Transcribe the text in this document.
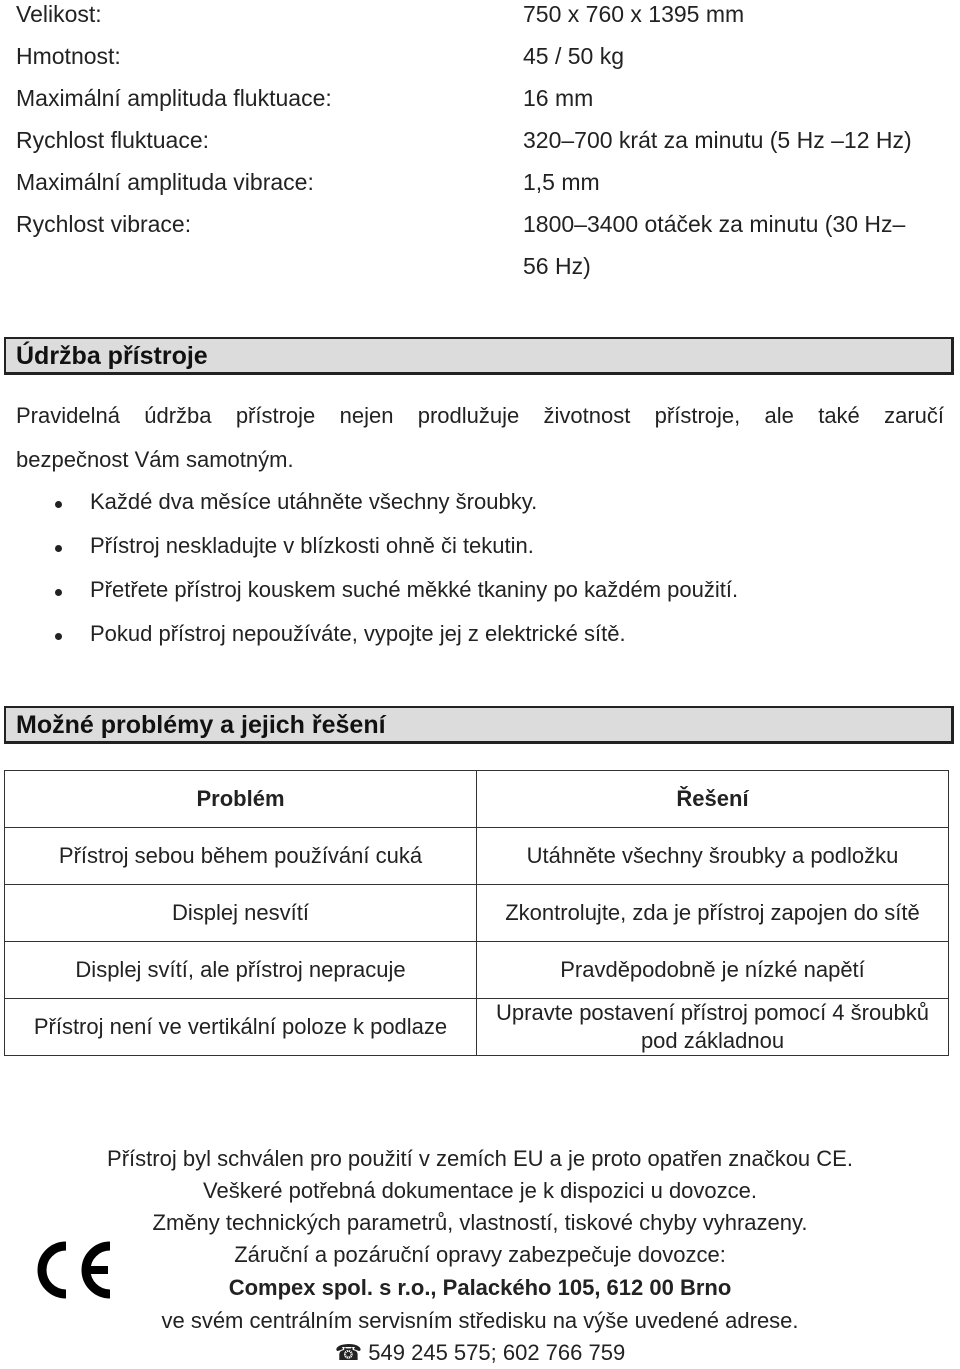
Velikost:	750 x 760 x 1395 mm
Hmotnost:	45 / 50 kg
Maximální amplituda fluktuace:	16 mm
Rychlost fluktuace:	320–700 krát za minutu (5 Hz –12 Hz)
Maximální amplituda vibrace:	1,5 mm
Rychlost vibrace:	1800–3400 otáček za minutu (30 Hz–
56 Hz)
Údržba přístroje
Pravidelná údržba přístroje nejen prodlužuje životnost přístroje, ale také zaručí
bezpečnost Vám samotným.
Každé dva měsíce utáhněte všechny šroubky.
Přístroj neskladujte v blízkosti ohně či tekutin.
Přetřete přístroj kouskem suché měkké tkaniny po každém použití.
Pokud přístroj nepoužíváte, vypojte jej z elektrické sítě.
Možné problémy a jejich řešení
Problém	Řešení
Přístroj sebou během používání cuká	Utáhněte všechny šroubky a podložku
Displej nesvítí	Zkontrolujte, zda je přístroj zapojen do sítě
Displej svítí, ale přístroj nepracuje	Pravděpodobně je nízké napětí
Přístroj není ve vertikální poloze k podlaze	Upravte postavení přístroj pomocí 4 šroubků pod základnou
Přístroj byl schválen pro použití v zemích EU a je proto opatřen značkou CE.
Veškeré potřebná dokumentace je k dispozici u dovozce.
Změny technických parametrů, vlastností, tiskové chyby vyhrazeny.
Záruční a pozáruční opravy zabezpečuje dovozce:
Compex spol. s r.o., Palackého 105, 612 00 Brno
ve svém centrálním servisním středisku na výše uvedené adrese.
☎ 549 245 575; 602 766 759
